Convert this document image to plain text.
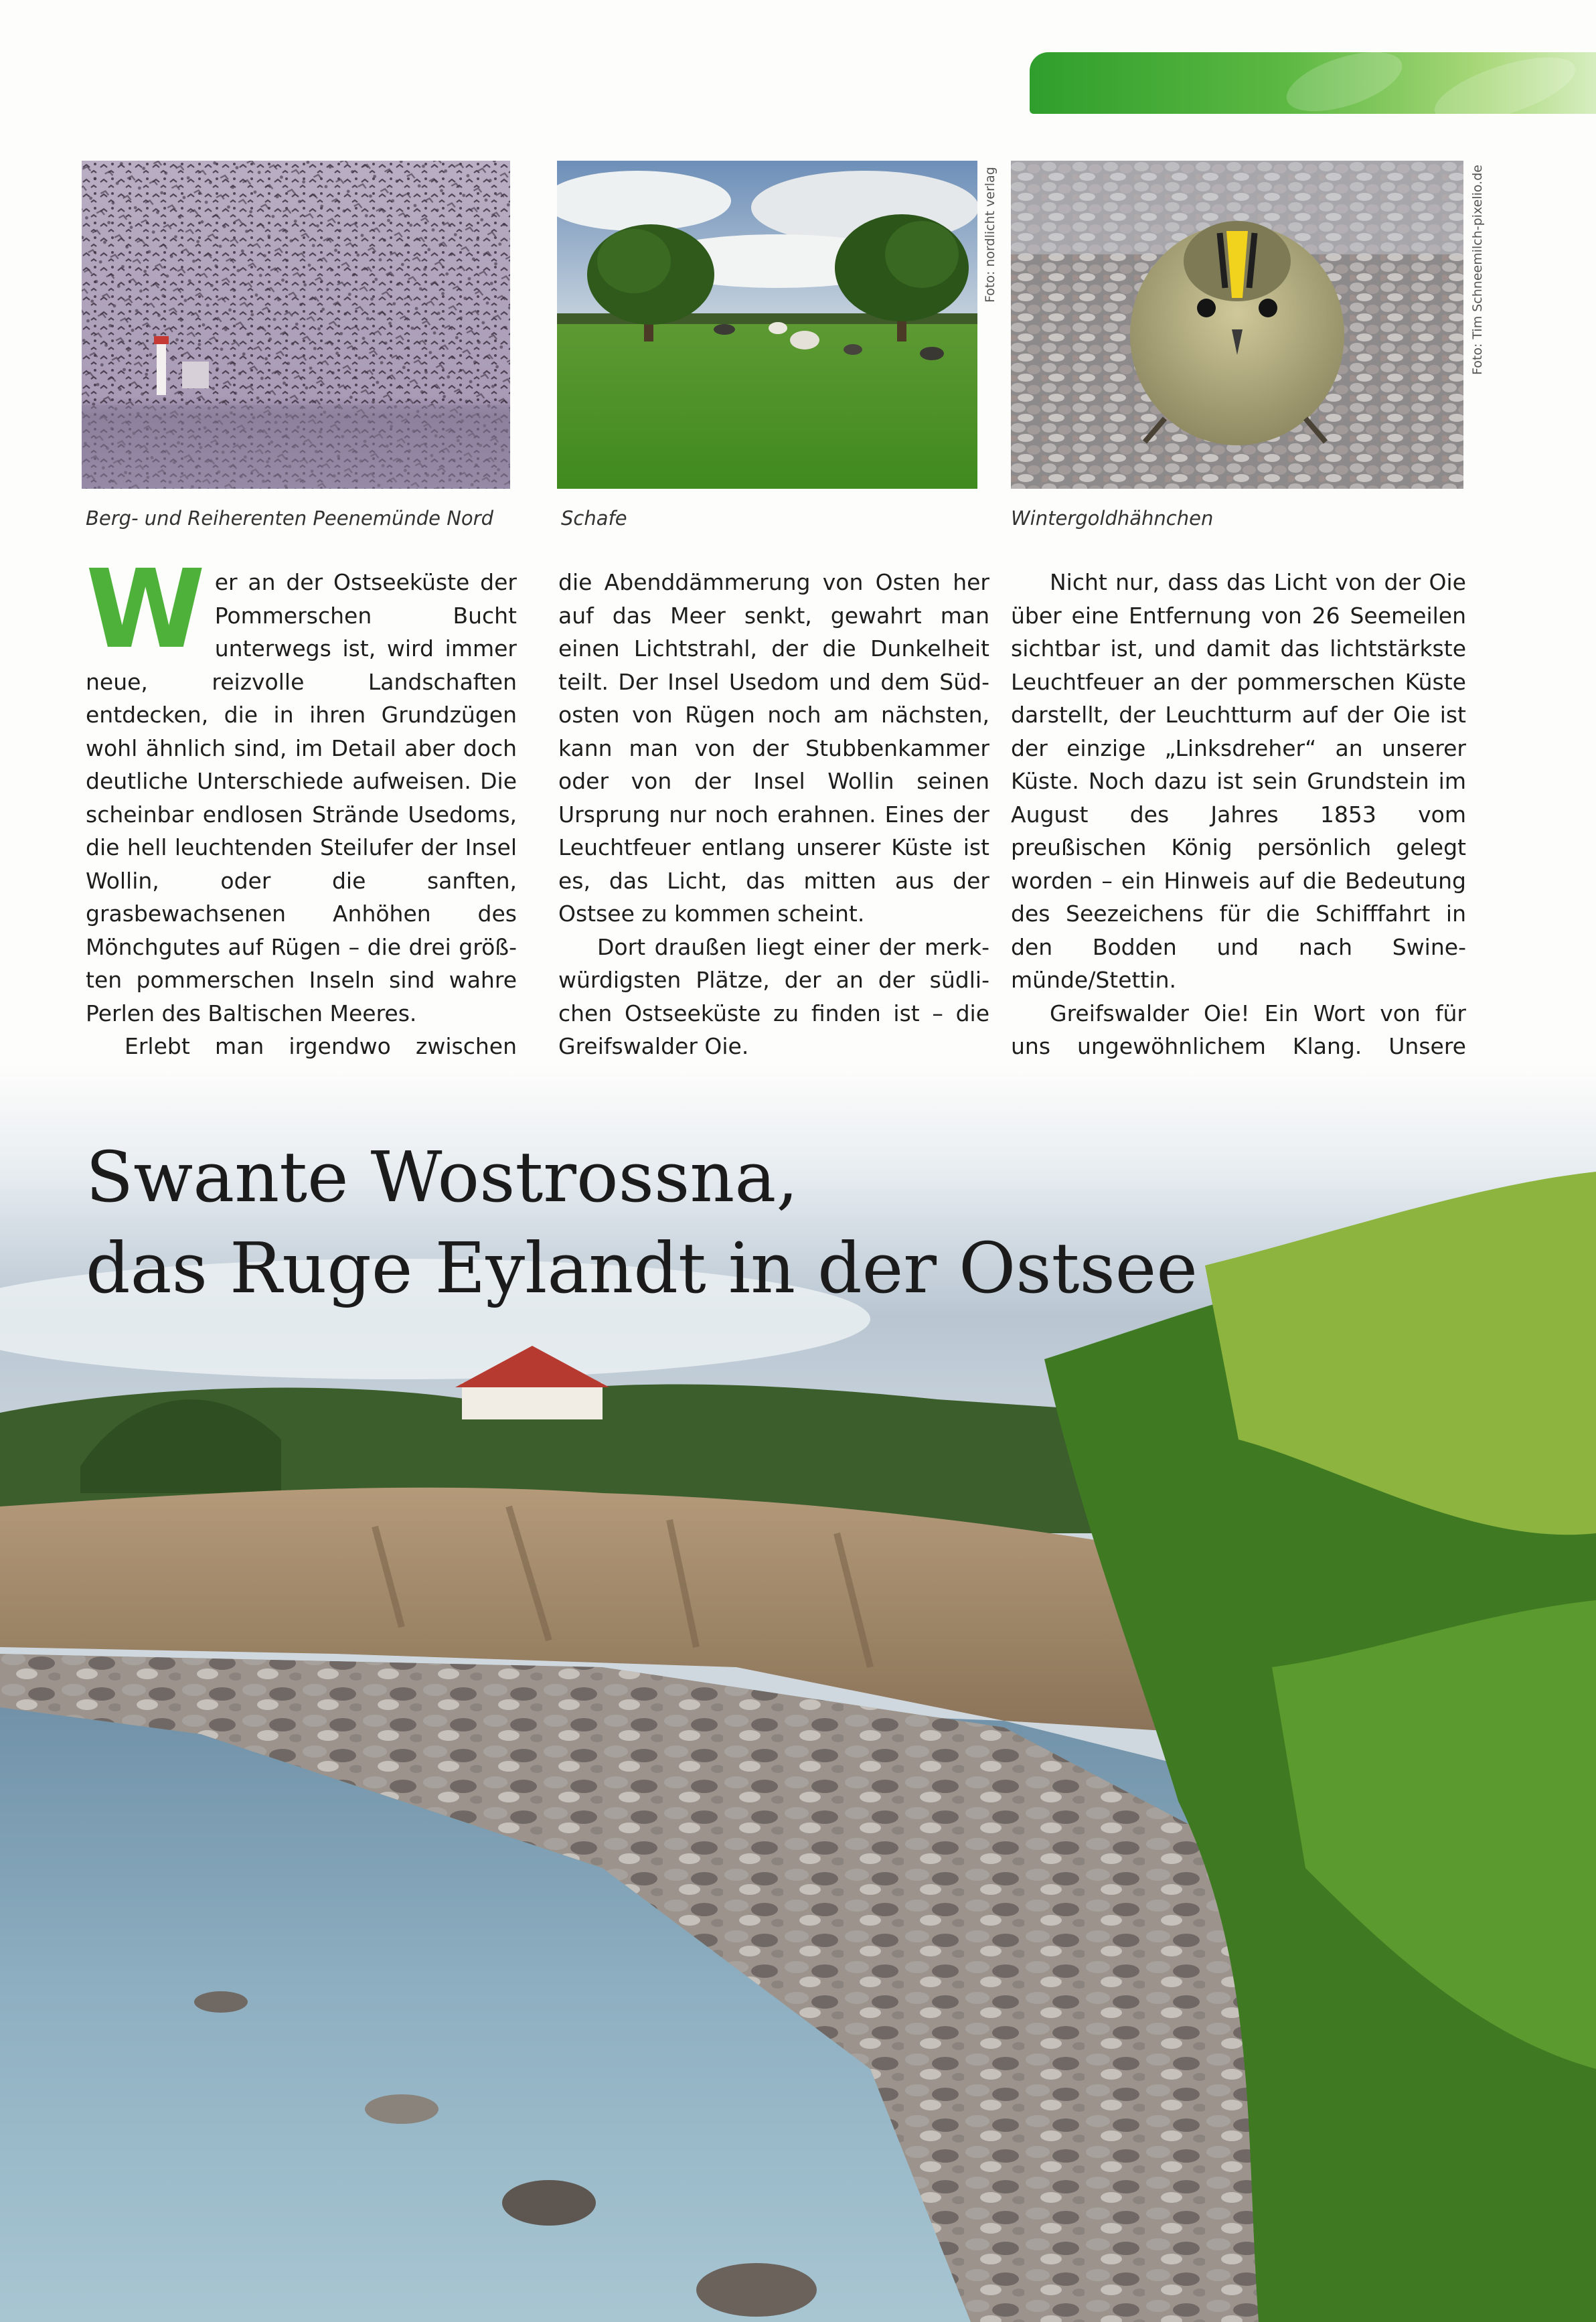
Berg- und Reiherenten Peenemünde Nord
Foto: nordlicht verlag
Schafe
Foto: Tim Schneemilch-pixelio.de
Wintergoldhähnchen

Wer an der Ostseeküste der Pommerschen Bucht unterwegs ist, wird immer neue, reizvolle Landschaften entdecken, die in ihren Grundzügen wohl ähnlich sind, im Detail aber doch deutliche Unterschiede aufweisen. Die scheinbar endlosen Strände Usedoms, die hell leuchtenden Steilufer der Insel Wollin, oder die sanften, grasbewachsenen Anhöhen des Mönchgutes auf Rügen – die drei größten pommerschen Inseln sind wahre Perlen des Baltischen Meeres.

Erlebt man irgendwo zwischen

die Abenddämmerung von Osten her auf das Meer senkt, gewahrt man einen Lichtstrahl, der die Dunkelheit teilt. Der Insel Usedom und dem Südosten von Rügen noch am nächsten, kann man von der Stubbenkammer oder von der Insel Wollin seinen Ursprung nur noch erahnen. Eines der Leuchtfeuer entlang unserer Küste ist es, das Licht, das mitten aus der Ostsee zu kommen scheint.

Dort draußen liegt einer der merkwürdigsten Plätze, der an der südlichen Ostseeküste zu finden ist – die Greifswalder Oie.

Nicht nur, dass das Licht von der Oie über eine Entfernung von 26 Seemeilen sichtbar ist, und damit das lichtstärkste Leuchtfeuer an der pommerschen Küste darstellt, der Leuchtturm auf der Oie ist der einzige „Linksdreher“ an unserer Küste. Noch dazu ist sein Grundstein im August des Jahres 1853 vom preußischen König persönlich gelegt worden – ein Hinweis auf die Bedeutung des Seezeichens für die Schifffahrt in den Bodden und nach Swinemünde/Stettin.

Greifswalder Oie! Ein Wort von für uns ungewöhnlichem Klang. Unsere

Swante Wostrossna,
das Ruge Eylandt in der Ostsee
